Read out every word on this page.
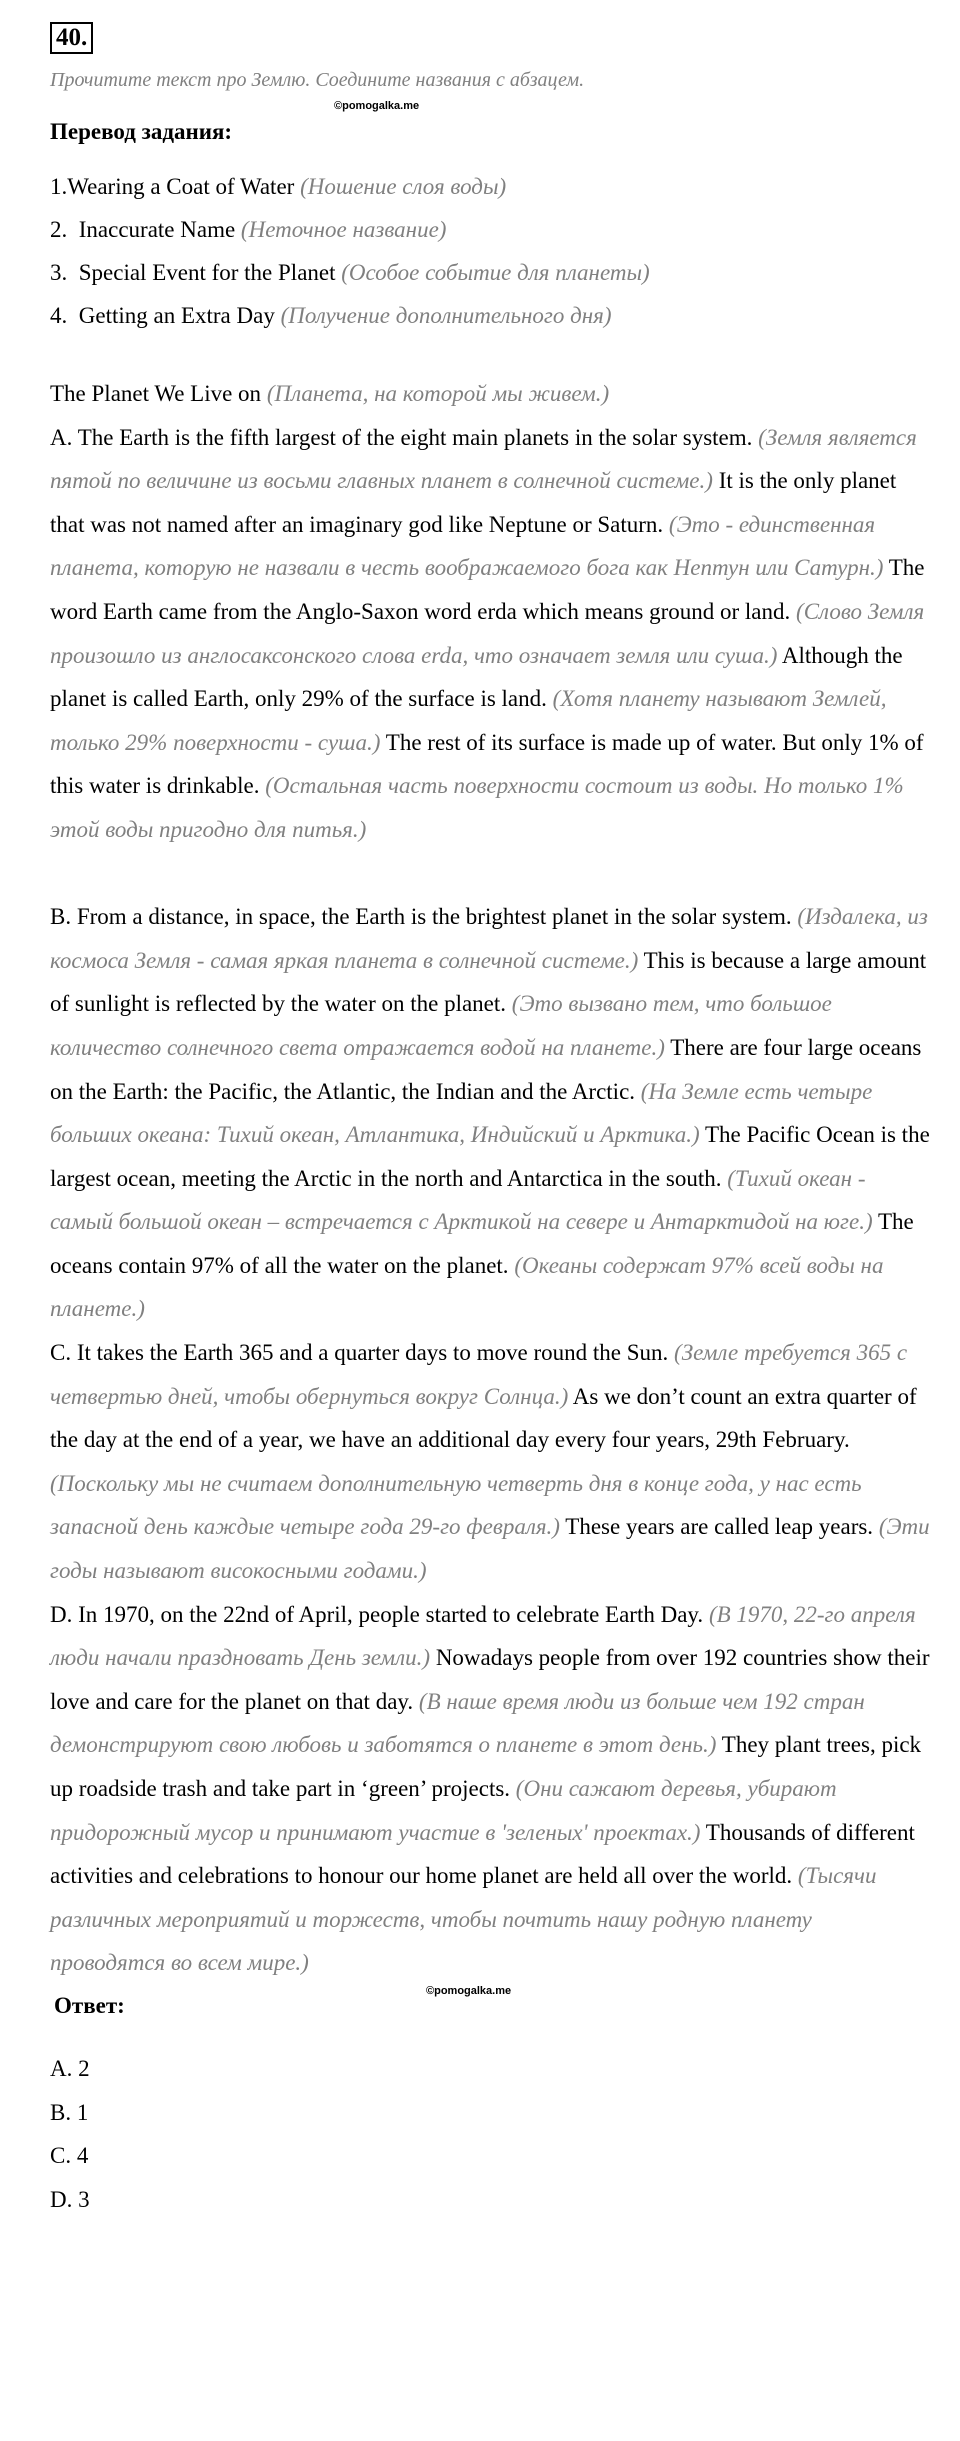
40.
Прочитите текст про Землю. Соедините названия с абзацем.
Перевод задания:
1.Wearing a Coat of Water (Ношение слоя воды)
2.  Inaccurate Name (Неточное название)
3.  Special Event for the Planet (Особое событие для планеты)
4.  Getting an Extra Day (Получение дополнительного дня)
The Planet We Live on (Планета, на которой мы живем.)
A. The Earth is the fifth largest of the eight main planets in the solar system. (Земля является пятой по величине из восьми главных планет в солнечной системе.) It is the only planet that was not named after an imaginary god like Neptune or Saturn. (Это - единственная планета, которую не назвали в честь воображаемого бога как Нептун или Сатурн.) The word Earth came from the Anglo-Saxon word erda which means ground or land. (Слово Земля произошло из англосаксонского слова erda, что означает земля или суша.) Although the planet is called Earth, only 29% of the surface is land. (Хотя планету называют Землей, только 29% поверхности - суша.) The rest of its surface is made up of water. But only 1% of this water is drinkable. (Остальная часть поверхности состоит из воды. Но только 1% этой воды пригодно для питья.)
B. From a distance, in space, the Earth is the brightest planet in the solar system. (Издалека, из космоса Земля - самая яркая планета в солнечной системе.) This is because a large amount of sunlight is reflected by the water on the planet. (Это вызвано тем, что большое количество солнечного света отражается водой на планете.) There are four large oceans on the Earth: the Pacific, the Atlantic, the Indian and the Arctic. (На Земле есть четыре больших океана: Тихий океан, Атлантика, Индийский и Арктика.) The Pacific Ocean is the largest ocean, meeting the Arctic in the north and Antarctica in the south. (Тихий океан - самый большой океан – встречается с Арктикой на севере и Антарктидой на юге.) The oceans contain 97% of all the water on the planet. (Океаны содержат 97% всей воды на планете.)
C. It takes the Earth 365 and a quarter days to move round the Sun. (Земле требуется 365 с четвертью дней, чтобы обернуться вокруг Солнца.) As we don’t count an extra quarter of the day at the end of a year, we have an additional day every four years, 29th February. (Поскольку мы не считаем дополнительную четверть дня в конце года, у нас есть запасной день каждые четыре года 29-го февраля.) These years are called leap years. (Эти годы называют високосными годами.)
D. In 1970, on the 22nd of April, people started to celebrate Earth Day. (В 1970, 22-го апреля люди начали праздновать День земли.) Nowadays people from over 192 countries show their love and care for the planet on that day. (В наше время люди из больше чем 192 стран демонстрируют свою любовь и заботятся о планете в этот день.) They plant trees, pick up roadside trash and take part in ‘green’ projects. (Они сажают деревья, убирают придорожный мусор и принимают участие в 'зеленых' проектах.) Thousands of different activities and celebrations to honour our home planet are held all over the world. (Тысячи различных мероприятий и торжеств, чтобы почтить нашу родную планету проводятся во всем мире.)
Ответ:
A. 2
B. 1
C. 4
D. 3
©pomogalka.me
©pomogalka.me
